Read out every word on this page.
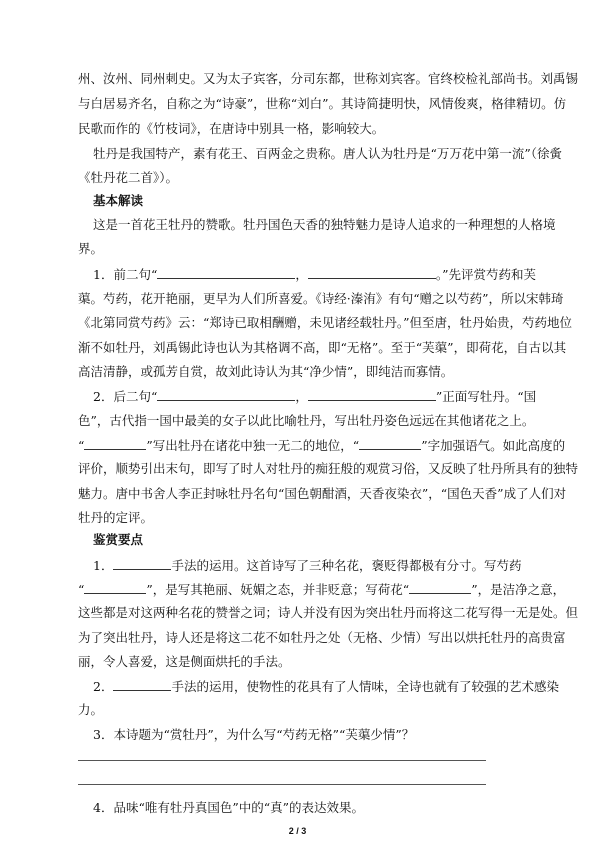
州、汝州、同州刺史。又为太子宾客，分司东都，世称刘宾客。官终校检礼部尚书。刘禹锡
与白居易齐名，自称之为“诗豪”，世称“刘白”。其诗简捷明快，风情俊爽，格律精切。仿
民歌而作的《竹枝词》，在唐诗中别具一格，影响较大。
牡丹是我国特产，素有花王、百两金之贵称。唐人认为牡丹是“万万花中第一流”（徐夤
《牡丹花二首》）。
基本解读
这是一首花王牡丹的赞歌。牡丹国色天香的独特魅力是诗人追求的一种理想的人格境
界。
1．前二句“	，	。”先评赏芍药和芙
蕖。芍药，花开艳丽，更早为人们所喜爱。《诗经·溱洧》有句“赠之以芍药”，所以宋韩琦
《北第同赏芍药》云：“郑诗已取相酬赠，未见诸经载牡丹。”但至唐，牡丹始贵，芍药地位
渐不如牡丹，刘禹锡此诗也认为其格调不高，即“无格”。至于“芙蕖”，即荷花，自古以其
高洁清静，或孤芳自赏，故刘此诗认为其“净少情”，即纯洁而寡情。
2．后二句“	，	”正面写牡丹。“国
色”，古代指一国中最美的女子以此比喻牡丹，写出牡丹姿色远远在其他诸花之上。
“	”写出牡丹在诸花中独一无二的地位，“	”字加强语气。如此高度的
评价，顺势引出末句，即写了时人对牡丹的痴狂般的观赏习俗，又反映了牡丹所具有的独特
魅力。唐中书舍人李正封咏牡丹名句“国色朝酣酒，天香夜染衣”，“国色天香”成了人们对
牡丹的定评。
鉴赏要点
1．	手法的运用。这首诗写了三种名花，褒贬得都极有分寸。写芍药
“	”，是写其艳丽、妩媚之态，并非贬意；写荷花“	”，是洁净之意，
这些都是对这两种名花的赞誉之词；诗人并没有因为突出牡丹而将这二花写得一无是处。但
为了突出牡丹，诗人还是将这二花不如牡丹之处（无格、少情）写出以烘托牡丹的高贵富
丽，令人喜爱，这是侧面烘托的手法。
2．	手法的运用，使物性的花具有了人情味，全诗也就有了较强的艺术感染
力。
3．本诗题为“赏牡丹”，为什么写“芍药无格”“芙蕖少情”？
4．品味“唯有牡丹真国色”中的“真”的表达效果。
2 / 3
